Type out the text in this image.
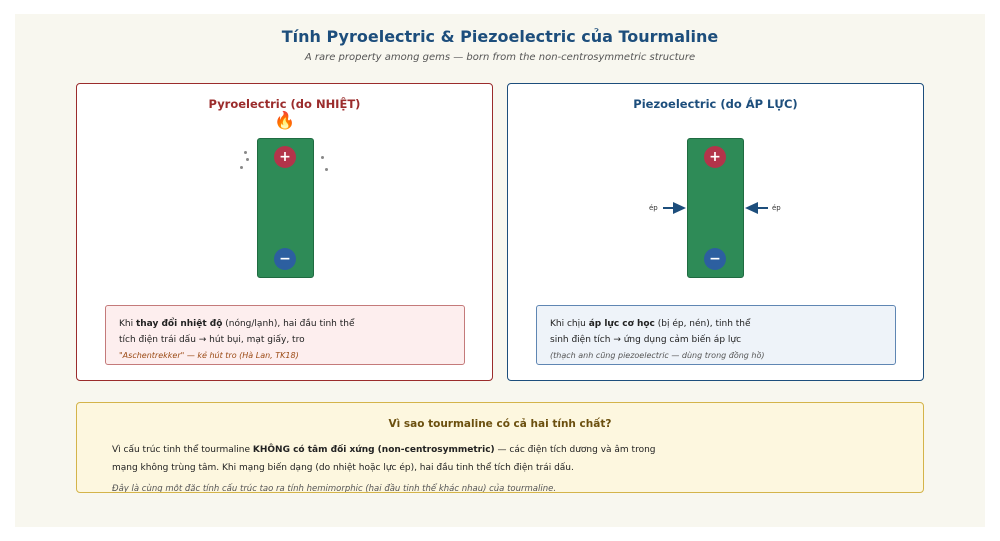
Tính Pyroelectric & Piezoelectric của Tourmaline
A rare property among gems — born from the non-centrosymmetric structure
Pyroelectric (do NHIỆT)
🔥
+
−
Khi thay đổi nhiệt độ (nóng/lạnh), hai đầu tinh thể
tích điện trái dấu → hút bụi, mạt giấy, tro
"Aschentrekker" — kẻ hút tro (Hà Lan, TK18)
Piezoelectric (do ÁP LỰC)
+
−
ép	ép
Khi chịu áp lực cơ học (bị ép, nén), tinh thể
sinh điện tích → ứng dụng cảm biến áp lực
(thạch anh cũng piezoelectric — dùng trong đồng hồ)
Vì sao tourmaline có cả hai tính chất?
Vì cấu trúc tinh thể tourmaline KHÔNG có tâm đối xứng (non-centrosymmetric) — các điện tích dương và âm trong
mạng không trùng tâm. Khi mạng biến dạng (do nhiệt hoặc lực ép), hai đầu tinh thể tích điện trái dấu.
Đây là cùng một đặc tính cấu trúc tạo ra tính hemimorphic (hai đầu tinh thể khác nhau) của tourmaline.
